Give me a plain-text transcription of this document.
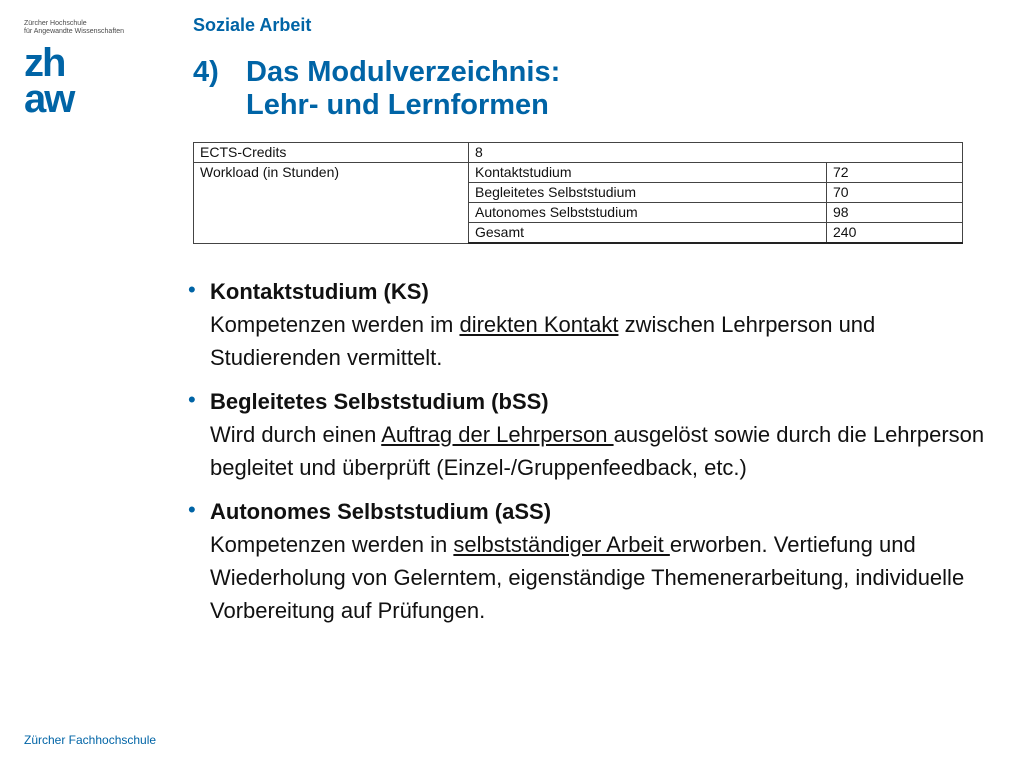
Zürcher Hochschule
für Angewandte Wissenschaften
zh
aw
Soziale Arbeit
4) Das Modulverzeichnis:
Lehr- und Lernformen
ECTS-Credits	8	
Workload (in Stunden)	Kontaktstudium	72
	Begleitetes Selbststudium	70
	Autonomes Selbststudium	98
	Gesamt	240
• Kontaktstudium (KS)
Kompetenzen werden im direkten Kontakt zwischen Lehrperson und Studierenden vermittelt.
• Begleitetes Selbststudium (bSS)
Wird durch einen Auftrag der Lehrperson ausgelöst sowie durch die Lehrperson begleitet und überprüft (Einzel-/Gruppenfeedback, etc.)
• Autonomes Selbststudium (aSS)
Kompetenzen werden in selbstständiger Arbeit erworben. Vertiefung und Wiederholung von Gelerntem, eigenständige Themenerarbeitung, individuelle Vorbereitung auf Prüfungen.
Zürcher Fachhochschule
